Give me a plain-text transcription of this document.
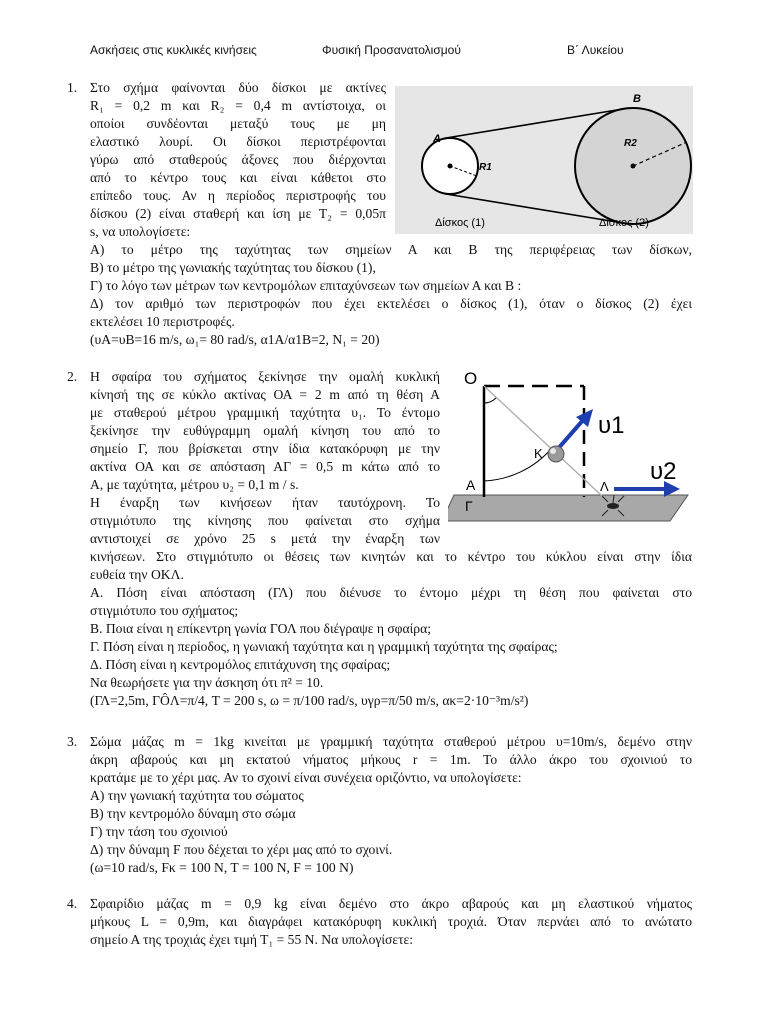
Ασκήσεις στις κυκλικές κινήσεις	Φυσική Προσανατολισμού	Β΄ Λυκείου
1. Στο σχήμα φαίνονται δύο δίσκοι με ακτίνες
R₁ = 0,2 m και R₂ = 0,4 m αντίστοιχα, οι
οποίοι συνδέονται μεταξύ τους με μη
ελαστικό λουρί. Οι δίσκοι περιστρέφονται
γύρω από σταθερούς άξονες που διέρχονται
από το κέντρο τους και είναι κάθετοι στο
επίπεδο τους. Αν η περίοδος περιστροφής του
δίσκου (2) είναι σταθερή και ίση με Τ₂ = 0,05π
s, να υπολογίσετε:
Α) το μέτρο της ταχύτητας των σημείων Α και Β της περιφέρειας των δίσκων,
Β) το μέτρο της γωνιακής ταχύτητας του δίσκου (1),
Γ) το λόγο των μέτρων των κεντρομόλων επιταχύνσεων των σημείων Α και Β :
Δ) τον αριθμό των περιστροφών που έχει εκτελέσει ο δίσκος (1), όταν ο δίσκος (2) έχει
εκτελέσει 10 περιστροφές.
(υA=υB=16 m/s, ω₁= 80 rad/s, α1A/α1B=2, N₁ = 20)
A
B
R1
R2
Δίσκος (1)	Δίσκος (2)
2. Η σφαίρα του σχήματος ξεκίνησε την ομαλή κυκλική
κίνησή της σε κύκλο ακτίνας ΟΑ = 2 m από τη θέση Α
με σταθερού μέτρου γραμμική ταχύτητα υ₁. Το έντομο
ξεκίνησε την ευθύγραμμη ομαλή κίνηση του από το
σημείο Γ, που βρίσκεται στην ίδια κατακόρυφη με την
ακτίνα ΟΑ και σε απόσταση ΑΓ = 0,5 m κάτω από το
Α, με ταχύτητα, μέτρου υ₂ = 0,1 m / s.
Η έναρξη των κινήσεων ήταν ταυτόχρονη. Το
στιγμιότυπο της κίνησης που φαίνεται στο σχήμα
αντιστοιχεί σε χρόνο 25 s μετά την έναρξη των
κινήσεων. Στο στιγμιότυπο οι θέσεις των κινητών και το κέντρο του κύκλου είναι στην ίδια
ευθεία την ΟΚΛ.
Α. Πόση είναι απόσταση (ΓΛ) που διένυσε το έντομο μέχρι τη θέση που φαίνεται στο
στιγμιότυπο του σχήματος;
Β. Ποια είναι η επίκεντρη γωνία ΓΟΛ που διέγραψε η σφαίρα;
Γ. Πόση είναι η περίοδος, η γωνιακή ταχύτητα και η γραμμική ταχύτητα της σφαίρας;
Δ. Πόση είναι η κεντρομόλος επιτάχυνση της σφαίρας;
Να θεωρήσετε για την άσκηση ότι π² = 10.
(ΓΛ=2,5m, ΓÔΛ=π/4, T = 200 s, ω = π/100 rad/s, υγρ=π/50 m/s, ακ=2·10⁻³m/s²)
O
A
Γ
K
Λ
υ1
υ2
3. Σώμα μάζας m = 1kg κινείται με γραμμική ταχύτητα σταθερού μέτρου υ=10m/s, δεμένο στην
άκρη αβαρούς και μη εκτατού νήματος μήκους r = 1m. Το άλλο άκρο του σχοινιού το
κρατάμε με το χέρι μας. Αν το σχοινί είναι συνέχεια οριζόντιο, να υπολογίσετε:
Α) την γωνιακή ταχύτητα του σώματος
Β) την κεντρομόλο δύναμη στο σώμα
Γ) την τάση του σχοινιού
Δ) την δύναμη F που δέχεται το χέρι μας από το σχοινί.
(ω=10 rad/s, Fκ = 100 N, T = 100 N, F = 100 N)
4. Σφαιρίδιο μάζας m = 0,9 kg είναι δεμένο στο άκρο αβαρούς και μη ελαστικού νήματος
μήκους L = 0,9m, και διαγράφει κατακόρυφη κυκλική τροχιά. Όταν περνάει από το ανώτατο
σημείο Α της τροχιάς έχει τιμή Τ₁ = 55 Ν. Να υπολογίσετε:
